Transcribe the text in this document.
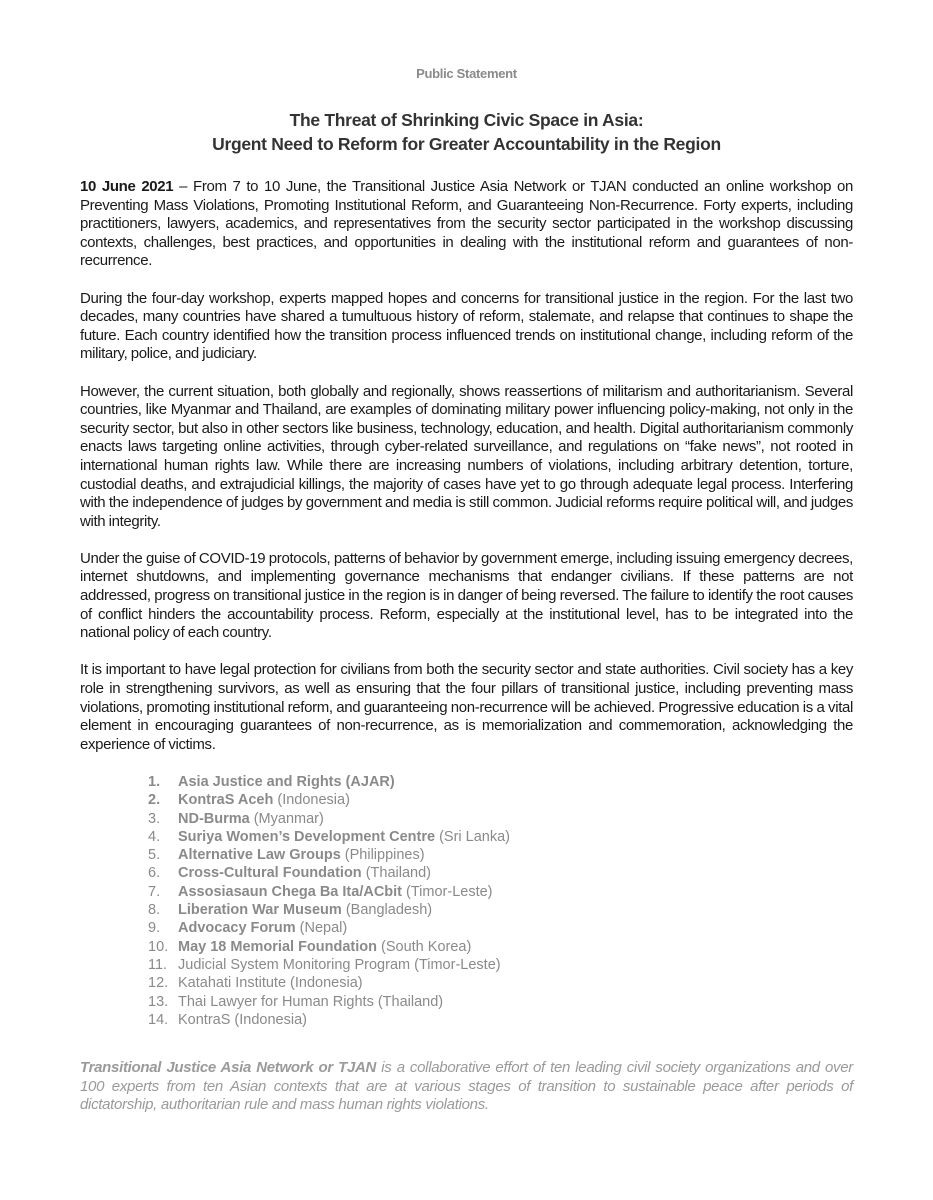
Public Statement
The Threat of Shrinking Civic Space in Asia:
Urgent Need to Reform for Greater Accountability in the Region

10 June 2021 – From 7 to 10 June, the Transitional Justice Asia Network or TJAN conducted an online workshop on Preventing Mass Violations, Promoting Institutional Reform, and Guaranteeing Non-Recurrence. Forty experts, including practitioners, lawyers, academics, and representatives from the security sector participated in the workshop discussing contexts, challenges, best practices, and opportunities in dealing with the institutional reform and guarantees of non-recurrence.

During the four-day workshop, experts mapped hopes and concerns for transitional justice in the region. For the last two decades, many countries have shared a tumultuous history of reform, stalemate, and relapse that continues to shape the future. Each country identified how the transition process influenced trends on institutional change, including reform of the military, police, and judiciary.

However, the current situation, both globally and regionally, shows reassertions of militarism and authoritarianism. Several countries, like Myanmar and Thailand, are examples of dominating military power influencing policy-making, not only in the security sector, but also in other sectors like business, technology, education, and health. Digital authoritarianism commonly enacts laws targeting online activities, through cyber-related surveillance, and regulations on “fake news”, not rooted in international human rights law. While there are increasing numbers of violations, including arbitrary detention, torture, custodial deaths, and extrajudicial killings, the majority of cases have yet to go through adequate legal process. Interfering with the independence of judges by government and media is still common. Judicial reforms require political will, and judges with integrity.

Under the guise of COVID-19 protocols, patterns of behavior by government emerge, including issuing emergency decrees, internet shutdowns, and implementing governance mechanisms that endanger civilians. If these patterns are not addressed, progress on transitional justice in the region is in danger of being reversed. The failure to identify the root causes of conflict hinders the accountability process. Reform, especially at the institutional level, has to be integrated into the national policy of each country.

It is important to have legal protection for civilians from both the security sector and state authorities. Civil society has a key role in strengthening survivors, as well as ensuring that the four pillars of transitional justice, including preventing mass violations, promoting institutional reform, and guaranteeing non-recurrence will be achieved. Progressive education is a vital element in encouraging guarantees of non-recurrence, as is memorialization and commemoration, acknowledging the experience of victims.

1.	Asia Justice and Rights (AJAR)
2.	KontraS Aceh (Indonesia)
3.	ND-Burma (Myanmar)
4.	Suriya Women’s Development Centre (Sri Lanka)
5.	Alternative Law Groups (Philippines)
6.	Cross-Cultural Foundation (Thailand)
7.	Assosiasaun Chega Ba Ita/ACbit (Timor-Leste)
8.	Liberation War Museum (Bangladesh)
9.	Advocacy Forum (Nepal)
10. May 18 Memorial Foundation (South Korea)
11. Judicial System Monitoring Program (Timor-Leste)
12. Katahati Institute (Indonesia)
13. Thai Lawyer for Human Rights (Thailand)
14. KontraS (Indonesia)
Transitional Justice Asia Network or TJAN is a collaborative effort of ten leading civil society organizations and over 100 experts from ten Asian contexts that are at various stages of transition to sustainable peace after periods of dictatorship, authoritarian rule and mass human rights violations.
